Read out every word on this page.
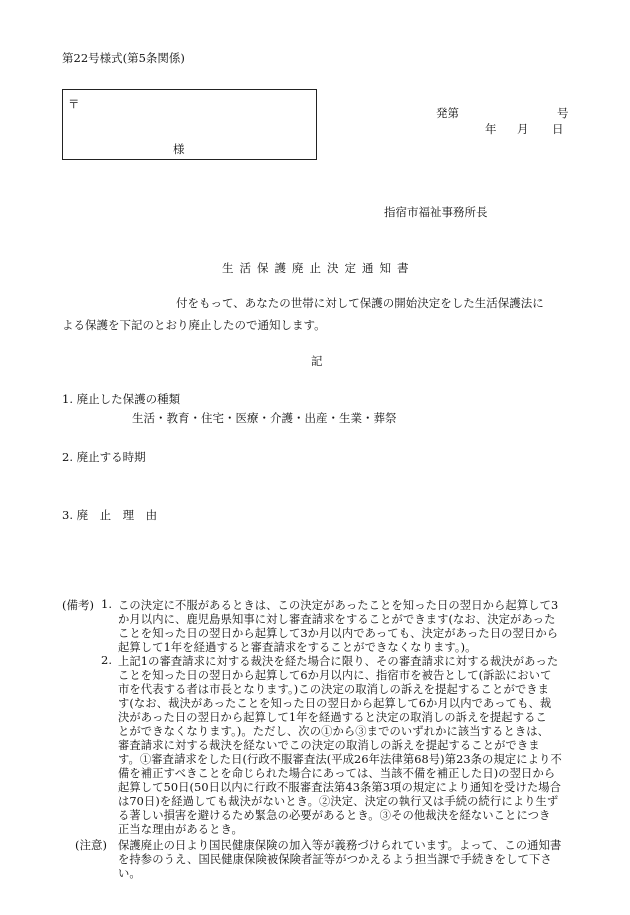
第22号様式(第5条関係)
〒
様
発第	号
年 月 日
指宿市福祉事務所長
生活保護廃止決定通知書
付をもって、あなたの世帯に対して保護の開始決定をした生活保護法に
よる保護を下記のとおり廃止したので通知します。
記
1. 廃止した保護の種類
生活・教育・住宅・医療・介護・出産・生業・葬祭
2. 廃止する時期
3. 廃　止　理　由
(備考) 1. この決定に不服があるときは、この決定があったことを知った日の翌日から起算して3
か月以内に、鹿児島県知事に対し審査請求をすることができます(なお、決定があった
ことを知った日の翌日から起算して3か月以内であっても、決定があった日の翌日から
起算して1年を経過すると審査請求をすることができなくなります。)。
2. 上記1の審査請求に対する裁決を経た場合に限り、その審査請求に対する裁決があった
ことを知った日の翌日から起算して6か月以内に、指宿市を被告として(訴訟において
市を代表する者は市長となります。)この決定の取消しの訴えを提起することができま
す(なお、裁決があったことを知った日の翌日から起算して6か月以内であっても、裁
決があった日の翌日から起算して1年を経過すると決定の取消しの訴えを提起するこ
とができなくなります。)。ただし、次の①から③までのいずれかに該当するときは、
審査請求に対する裁決を経ないでこの決定の取消しの訴えを提起することができま
す。①審査請求をした日(行政不服審査法(平成26年法律第68号)第23条の規定により不
備を補正すべきことを命じられた場合にあっては、当該不備を補正した日)の翌日から
起算して50日(50日以内に行政不服審査法第43条第3項の規定により通知を受けた場合
は70日)を経過しても裁決がないとき。②決定、決定の執行又は手続の続行により生ず
る著しい損害を避けるため緊急の必要があるとき。③その他裁決を経ないことにつき
正当な理由があるとき。
(注意) 保護廃止の日より国民健康保険の加入等が義務づけられています。よって、この通知書
を持参のうえ、国民健康保険被保険者証等がつかえるよう担当課で手続きをして下さ
い。
